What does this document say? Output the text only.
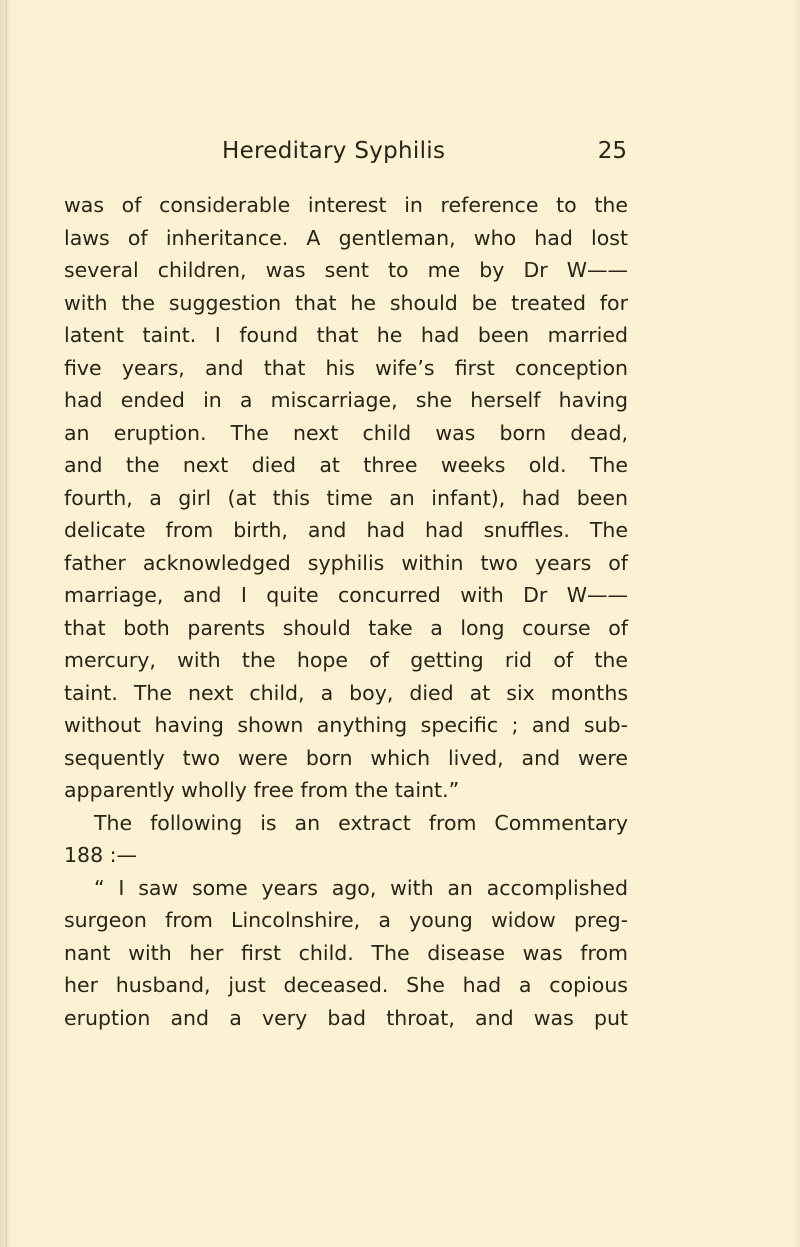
Hereditary Syphilis	25
was of considerable interest in reference to the
laws of inheritance. A gentleman, who had lost
several children, was sent to me by Dr W——
with the suggestion that he should be treated for
latent taint. I found that he had been married
five years, and that his wife’s first conception
had ended in a miscarriage, she herself having
an eruption. The next child was born dead,
and the next died at three weeks old. The
fourth, a girl (at this time an infant), had been
delicate from birth, and had had snuffles. The
father acknowledged syphilis within two years of
marriage, and I quite concurred with Dr W——
that both parents should take a long course of
mercury, with the hope of getting rid of the
taint. The next child, a boy, died at six months
without having shown anything specific ; and sub-
sequently two were born which lived, and were
apparently wholly free from the taint.”
The following is an extract from Commentary
188 :—
“ I saw some years ago, with an accomplished
surgeon from Lincolnshire, a young widow preg-
nant with her first child. The disease was from
her husband, just deceased. She had a copious
eruption and a very bad throat, and was put
